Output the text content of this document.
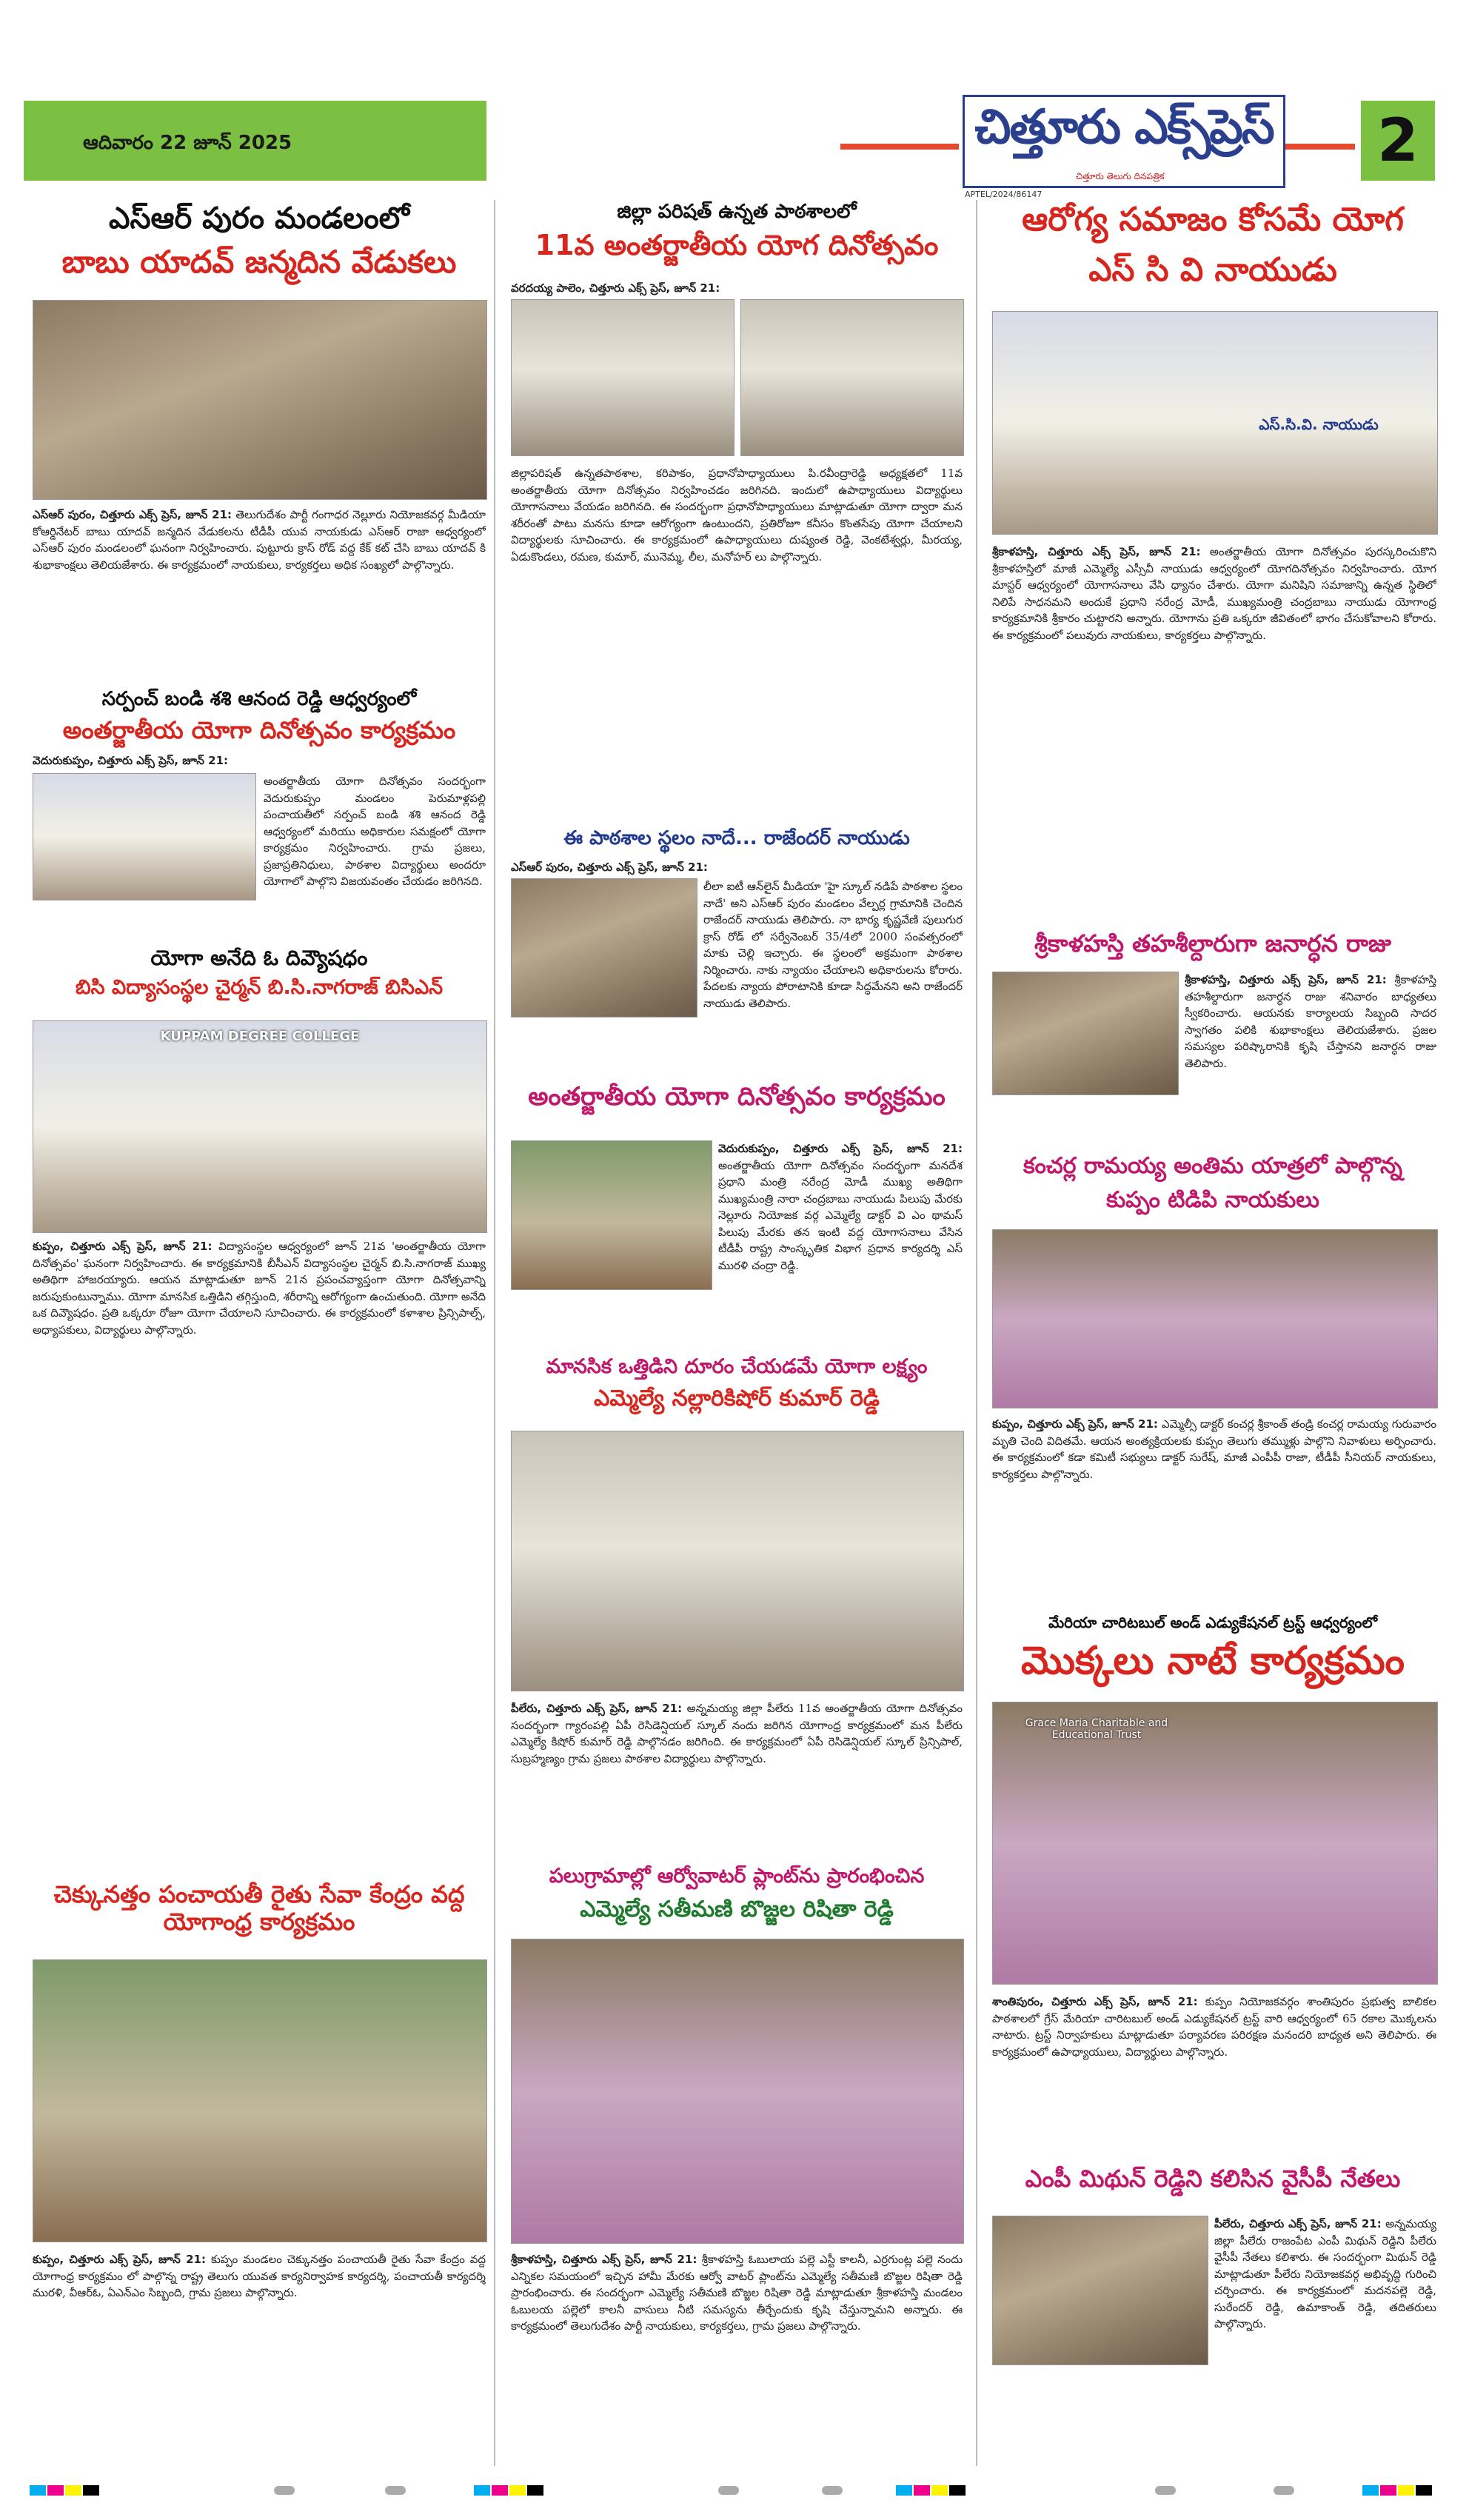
ఆదివారం 22 జూన్ 2025	చిత్తూరు ఎక్స్‌ప్రెస్
చిత్తూరు తెలుగు దినపత్రిక
APTEL/2024/86147
2
ఎస్ఆర్ పురం మండలంలో
బాబు యాదవ్ జన్మదిన వేడుకలు
ఎస్ఆర్ పురం, చిత్తూరు ఎక్స్ ప్రెస్, జూన్ 21: తెలుగుదేశం పార్టీ గంగాధర నెల్లూరు నియోజకవర్గ మీడియా కోఆర్డినేటర్ బాబు యాదవ్ జన్మదిన వేడుకలను టీడీపీ యువ నాయకుడు ఎస్ఆర్ రాజా ఆధ్వర్యంలో ఎస్ఆర్ పురం మండలంలో ఘనంగా నిర్వహించారు. పుట్టూరు క్రాస్ రోడ్ వద్ద కేక్ కట్ చేసి బాబు యాదవ్ కి శుభాకాంక్షలు తెలియజేశారు. ఈ కార్యక్రమంలో నాయకులు, కార్యకర్తలు అధిక సంఖ్యలో పాల్గొన్నారు.
సర్పంచ్ బండి శశి ఆనంద రెడ్డి ఆధ్వర్యంలో
అంతర్జాతీయ యోగా దినోత్సవం కార్యక్రమం
వెదురుకుప్పం, చిత్తూరు ఎక్స్ ప్రెస్, జూన్ 21:
అంతర్జాతీయ యోగా దినోత్సవం సందర్భంగా వెదురుకుప్పం మండలం పెరుమాళ్లపల్లి పంచాయతీలో సర్పంచ్ బండి శశి ఆనంద రెడ్డి ఆధ్వర్యంలో మరియు అధికారుల సమక్షంలో యోగా కార్యక్రమం నిర్వహించారు. గ్రామ ప్రజలు, ప్రజాప్రతినిధులు, పాఠశాల విద్యార్థులు అందరూ యోగాలో పాల్గొని విజయవంతం చేయడం జరిగినది.
యోగా అనేది ఓ దివ్యౌషధం
బిసి విద్యాసంస్థల చైర్మన్ బి.సి.నాగరాజ్ బిసిఎన్
KUPPAM DEGREE COLLEGE
కుప్పం, చిత్తూరు ఎక్స్ ప్రెస్, జూన్ 21: విద్యాసంస్థల ఆధ్వర్యంలో జూన్ 21వ 'అంతర్జాతీయ యోగా దినోత్సవం' ఘనంగా నిర్వహించారు. ఈ కార్యక్రమానికి బీసీఎన్ విద్యాసంస్థల చైర్మన్ బి.సి.నాగరాజ్ ముఖ్య అతిథిగా హాజరయ్యారు. ఆయన మాట్లాడుతూ జూన్ 21న ప్రపంచవ్యాప్తంగా యోగా దినోత్సవాన్ని జరుపుకుంటున్నాము. యోగా మానసిక ఒత్తిడిని తగ్గిస్తుంది, శరీరాన్ని ఆరోగ్యంగా ఉంచుతుంది. యోగా అనేది ఒక దివ్యౌషధం. ప్రతి ఒక్కరూ రోజూ యోగా చేయాలని సూచించారు. ఈ కార్యక్రమంలో కళాశాల ప్రిన్సిపాల్స్, అధ్యాపకులు, విద్యార్థులు పాల్గొన్నారు.
చెక్కునత్తం పంచాయతీ రైతు సేవా కేంద్రం వద్ద యోగాంధ్ర కార్యక్రమం
కుప్పం, చిత్తూరు ఎక్స్ ప్రెస్, జూన్ 21: కుప్పం మండలం చెక్కునత్తం పంచాయతీ రైతు సేవా కేంద్రం వద్ద యోగాంధ్ర కార్యక్రమం లో పాల్గొన్న రాష్ట్ర తెలుగు యువత కార్యనిర్వాహక కార్యదర్శి, పంచాయతీ కార్యదర్శి మురళి, వీఆర్ఓ, ఏఎన్ఎం సిబ్బంది, గ్రామ ప్రజలు పాల్గొన్నారు.
జిల్లా పరిషత్ ఉన్నత పాఠశాలలో
11వ అంతర్జాతీయ యోగ దినోత్సవం
వరదయ్య పాలెం, చిత్తూరు ఎక్స్ ప్రెస్, జూన్ 21:
జిల్లాపరిషత్ ఉన్నతపాఠశాల, కరిపాకం, ప్రధానోపాధ్యాయులు పి.రవీంద్రారెడ్డి అధ్యక్షతలో 11వ అంతర్జాతీయ యోగా దినోత్సవం నిర్వహించడం జరిగినది. ఇందులో ఉపాధ్యాయులు విద్యార్థులు యోగాసనాలు వేయడం జరిగినది. ఈ సందర్భంగా ప్రధానోపాధ్యాయులు మాట్లాడుతూ యోగా ద్వారా మన శరీరంతో పాటు మనసు కూడా ఆరోగ్యంగా ఉంటుందని, ప్రతిరోజూ కనీసం కొంతసేపు యోగా చేయాలని విద్యార్థులకు సూచించారు. ఈ కార్యక్రమంలో ఉపాధ్యాయులు దుష్యంత రెడ్డి, వెంకటేశ్వర్లు, మీరయ్య, ఏడుకొండలు, రమణ, కుమార్, మునెమ్మ, లీల, మనోహర్ లు పాల్గొన్నారు.
ఈ పాఠశాల స్థలం నాదే... రాజేందర్ నాయుడు
ఎస్ఆర్ పురం, చిత్తూరు ఎక్స్ ప్రెస్, జూన్ 21:
లీలా ఐటీ ఆన్‌లైన్ మీడియా 'హై స్కూల్ నడిపే పాఠశాల స్థలం నాదే' అని ఎస్ఆర్ పురం మండలం వేల్పర్ల గ్రామానికి చెందిన రాజేందర్ నాయుడు తెలిపారు. నా భార్య కృష్ణవేణి పులుగుర క్రాస్ రోడ్ లో సర్వేనెంబర్ 35/4లో 2000 సంవత్సరంలో మాకు చెల్లి ఇచ్చారు. ఈ స్థలంలో అక్రమంగా పాఠశాల నిర్మించారు. నాకు న్యాయం చేయాలని అధికారులను కోరారు. పేదలకు న్యాయ పోరాటానికి కూడా సిద్ధమేనని అని రాజేందర్ నాయుడు తెలిపారు.
అంతర్జాతీయ యోగా దినోత్సవం కార్యక్రమం
వెదురుకుప్పం, చిత్తూరు ఎక్స్ ప్రెస్, జూన్ 21: అంతర్జాతీయ యోగా దినోత్సవం సందర్భంగా మనదేశ ప్రధాని మంత్రి నరేంద్ర మోడీ ముఖ్య అతిథిగా ముఖ్యమంత్రి నారా చంద్రబాబు నాయుడు పిలుపు మేరకు నెల్లూరు నియోజక వర్గ ఎమ్మెల్యే డాక్టర్ వి ఎం థామస్ పిలుపు మేరకు తన ఇంటి వద్ద యోగాసనాలు వేసిన టీడీపీ రాష్ట్ర సాంస్కృతిక విభాగ ప్రధాన కార్యదర్శి ఎస్ మురళి చంద్రా రెడ్డి.
మానసిక ఒత్తిడిని దూరం చేయడమే యోగా లక్ష్యం
ఎమ్మెల్యే నల్లారికిషోర్ కుమార్ రెడ్డి
పీలేరు, చిత్తూరు ఎక్స్ ప్రెస్, జూన్ 21: అన్నమయ్య జిల్లా పీలేరు 11వ అంతర్జాతీయ యోగా దినోత్సవం సందర్భంగా గ్యారంపల్లి ఏపీ రెసిడెన్షియల్ స్కూల్ నందు జరిగిన యోగాంధ్ర కార్యక్రమంలో మన పీలేరు ఎమ్మెల్యే కిషోర్ కుమార్ రెడ్డి పాల్గొనడం జరిగింది. ఈ కార్యక్రమంలో ఏపీ రెసిడెన్షియల్ స్కూల్ ప్రిన్సిపాల్, సుబ్రహ్మణ్యం గ్రామ ప్రజలు పాఠశాల విద్యార్థులు పాల్గొన్నారు.
పలుగ్రామాల్లో ఆర్వోవాటర్ ప్లాంట్‌ను ప్రారంభించిన
ఎమ్మెల్యే సతీమణి బొజ్జల రిషితా రెడ్డి
శ్రీకాళహస్తి, చిత్తూరు ఎక్స్ ప్రెస్, జూన్ 21: శ్రీకాళహస్తి ఓబులాయ పల్లె ఎస్టీ కాలనీ, ఎర్రగుంట్ల పల్లె నందు ఎన్నికల సమయంలో ఇచ్చిన హామీ మేరకు ఆర్వో వాటర్ ప్లాంట్‌ను ఎమ్మెల్యే సతీమణి బొజ్జల రిషితా రెడ్డి ప్రారంభించారు. ఈ సందర్భంగా ఎమ్మెల్యే సతీమణి బొజ్జల రిషితా రెడ్డి మాట్లాడుతూ శ్రీకాళహస్తి మండలం ఓబులయ పల్లెలో కాలనీ వాసులు నీటి సమస్యను తీర్చేందుకు కృషి చేస్తున్నామని అన్నారు. ఈ కార్యక్రమంలో తెలుగుదేశం పార్టీ నాయకులు, కార్యకర్తలు, గ్రామ ప్రజలు పాల్గొన్నారు.
ఆరోగ్య సమాజం కోసమే యోగ
ఎస్ సి వి నాయుడు
ఎస్.సి.వి. నాయుడు
శ్రీకాళహస్తి, చిత్తూరు ఎక్స్ ప్రెస్, జూన్ 21: అంతర్జాతీయ యోగా దినోత్సవం పురస్కరించుకొని శ్రీకాళహస్తిలో మాజీ ఎమ్మెల్యే ఎస్సీవీ నాయుడు ఆధ్వర్యంలో యోగదినోత్సవం నిర్వహించారు. యోగ మాస్టర్ ఆధ్వర్యంలో యోగాసనాలు వేసి ధ్యానం చేశారు. యోగా మనిషిని సమాజాన్ని ఉన్నత స్థితిలో నిలిపే సాధనమని అందుకే ప్రధాని నరేంద్ర మోడీ, ముఖ్యమంత్రి చంద్రబాబు నాయుడు యోగాంధ్ర కార్యక్రమానికి శ్రీకారం చుట్టారని అన్నారు. యోగాను ప్రతి ఒక్కరూ జీవితంలో భాగం చేసుకోవాలని కోరారు. ఈ కార్యక్రమంలో పలువురు నాయకులు, కార్యకర్తలు పాల్గొన్నారు.
శ్రీకాళహస్తి తహశీల్దారుగా జనార్ధన రాజు
శ్రీకాళహస్తి, చిత్తూరు ఎక్స్ ప్రెస్, జూన్ 21: శ్రీకాళహస్తి తహశీల్దారుగా జనార్ధన రాజు శనివారం బాధ్యతలు స్వీకరించారు. ఆయనకు కార్యాలయ సిబ్బంది సాదర స్వాగతం పలికి శుభాకాంక్షలు తెలియజేశారు. ప్రజల సమస్యల పరిష్కారానికి కృషి చేస్తానని జనార్ధన రాజు తెలిపారు.
కంచర్ల రామయ్య అంతిమ యాత్రలో పాల్గొన్న
కుప్పం టిడిపి నాయకులు
కుప్పం, చిత్తూరు ఎక్స్ ప్రెస్, జూన్ 21: ఎమ్మెల్సీ డాక్టర్ కంచర్ల శ్రీకాంత్ తండ్రి కంచర్ల రామయ్య గురువారం మృతి చెంది విదితమే. ఆయన అంత్యక్రియలకు కుప్పం తెలుగు తమ్ముళ్లు పాల్గొని నివాళులు అర్పించారు. ఈ కార్యక్రమంలో కడా కమిటీ సభ్యులు డాక్టర్ సురేష్, మాజీ ఎంపీపీ రాజా, టీడీపీ సీనియర్ నాయకులు, కార్యకర్తలు పాల్గొన్నారు.
మేరియా చారిటబుల్ అండ్ ఎడ్యుకేషనల్ ట్రస్ట్ ఆధ్వర్యంలో
మొక్కలు నాటే కార్యక్రమం
Grace Maria Charitable and Educational Trust
శాంతిపురం, చిత్తూరు ఎక్స్ ప్రెస్, జూన్ 21: కుప్పం నియోజకవర్గం శాంతిపురం ప్రభుత్వ బాలికల పాఠశాలలో గ్రేస్ మేరియా చారిటబుల్ అండ్ ఎడ్యుకేషనల్ ట్రస్ట్ వారి ఆధ్వర్యంలో 65 రకాల మొక్కలను నాటారు. ట్రస్ట్ నిర్వాహకులు మాట్లాడుతూ పర్యావరణ పరిరక్షణ మనందరి బాధ్యత అని తెలిపారు. ఈ కార్యక్రమంలో ఉపాధ్యాయులు, విద్యార్థులు పాల్గొన్నారు.
ఎంపీ మిథున్ రెడ్డిని కలిసిన వైసీపీ నేతలు
పీలేరు, చిత్తూరు ఎక్స్ ప్రెస్, జూన్ 21: అన్నమయ్య జిల్లా పీలేరు రాజంపేట ఎంపీ మిథున్ రెడ్డిని పీలేరు వైసీపీ నేతలు కలిశారు. ఈ సందర్భంగా మిథున్ రెడ్డి మాట్లాడుతూ పీలేరు నియోజకవర్గ అభివృద్ధి గురించి చర్చించారు. ఈ కార్యక్రమంలో మదనపల్లె రెడ్డి, సురేందర్ రెడ్డి, ఉమాకాంత్ రెడ్డి, తదితరులు పాల్గొన్నారు.
